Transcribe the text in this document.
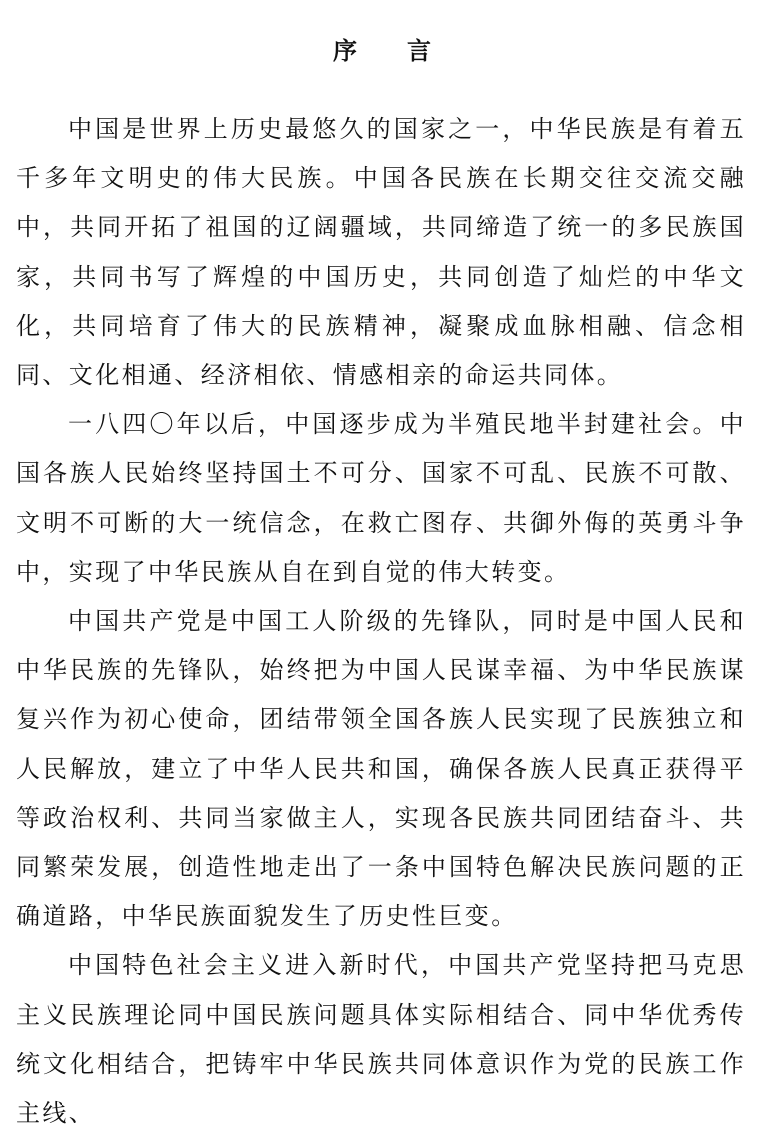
序言

中国是世界上历史最悠久的国家之一，中华民族是有着五千多年文明史的伟大民族。中国各民族在长期交往交流交融中，共同开拓了祖国的辽阔疆域，共同缔造了统一的多民族国家，共同书写了辉煌的中国历史，共同创造了灿烂的中华文化，共同培育了伟大的民族精神，凝聚成血脉相融、信念相同、文化相通、经济相依、情感相亲的命运共同体。

一八四〇年以后，中国逐步成为半殖民地半封建社会。中国各族人民始终坚持国土不可分、国家不可乱、民族不可散、文明不可断的大一统信念，在救亡图存、共御外侮的英勇斗争中，实现了中华民族从自在到自觉的伟大转变。

中国共产党是中国工人阶级的先锋队，同时是中国人民和中华民族的先锋队，始终把为中国人民谋幸福、为中华民族谋复兴作为初心使命，团结带领全国各族人民实现了民族独立和人民解放，建立了中华人民共和国，确保各族人民真正获得平等政治权利、共同当家做主人，实现各民族共同团结奋斗、共同繁荣发展，创造性地走出了一条中国特色解决民族问题的正确道路，中华民族面貌发生了历史性巨变。

中国特色社会主义进入新时代，中国共产党坚持把马克思主义民族理论同中国民族问题具体实际相结合、同中华优秀传统文化相结合，把铸牢中华民族共同体意识作为党的民族工作主线、
